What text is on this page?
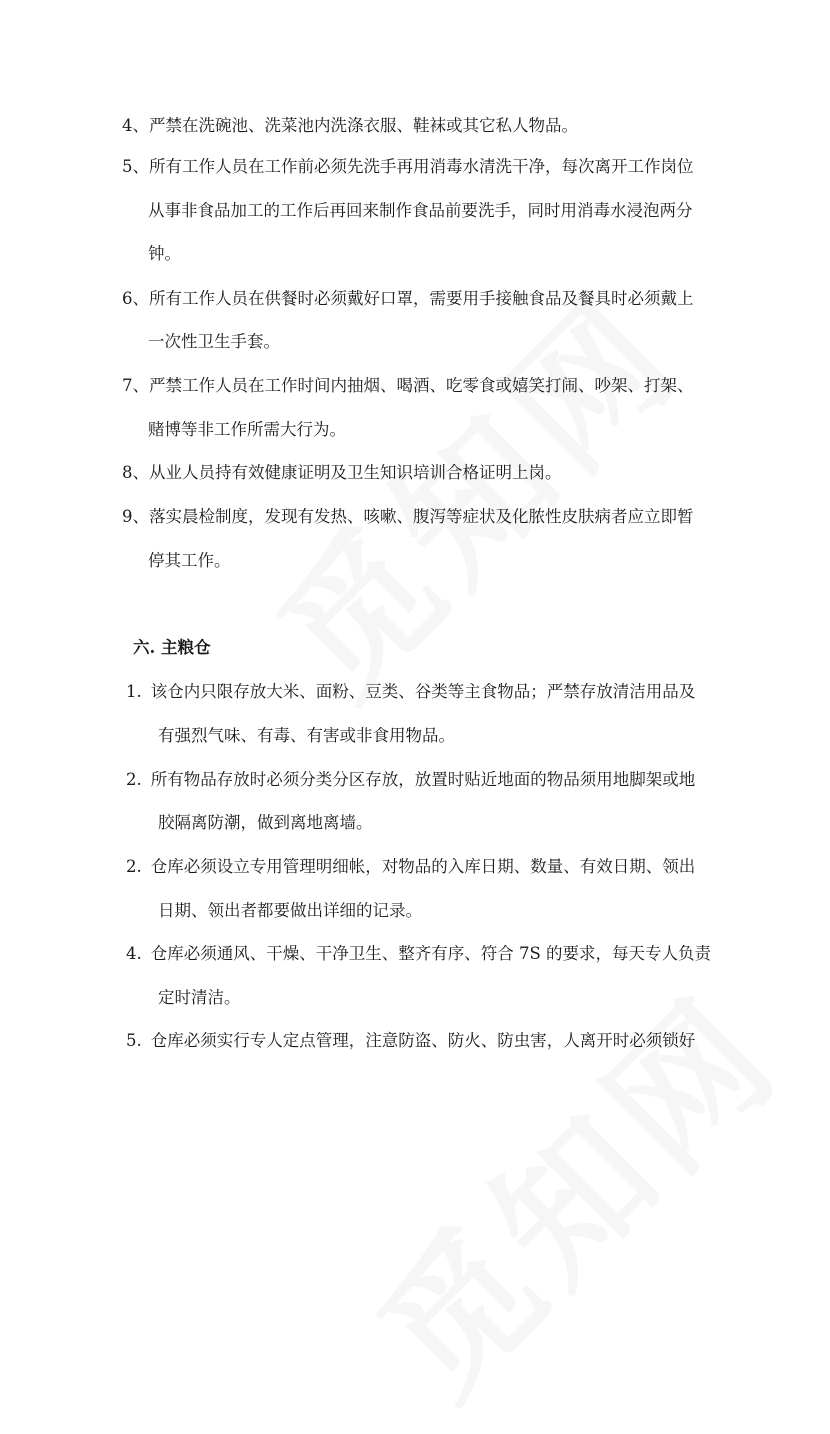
4、严禁在洗碗池、洗菜池内洗涤衣服、鞋袜或其它私人物品。
5、所有工作人员在工作前必须先洗手再用消毒水清洗干净，每次离开工作岗位
从事非食品加工的工作后再回来制作食品前要洗手，同时用消毒水浸泡两分
钟。
6、所有工作人员在供餐时必须戴好口罩，需要用手接触食品及餐具时必须戴上
一次性卫生手套。
7、严禁工作人员在工作时间内抽烟、喝酒、吃零食或嬉笑打闹、吵架、打架、
赌博等非工作所需大行为。
8、从业人员持有效健康证明及卫生知识培训合格证明上岗。
9、落实晨检制度，发现有发热、咳嗽、腹泻等症状及化脓性皮肤病者应立即暂
停其工作。
六. 主粮仓
1. 该仓内只限存放大米、面粉、豆类、谷类等主食物品；严禁存放清洁用品及
有强烈气味、有毒、有害或非食用物品。
2. 所有物品存放时必须分类分区存放，放置时贴近地面的物品须用地脚架或地
胶隔离防潮，做到离地离墙。
2. 仓库必须设立专用管理明细帐，对物品的入库日期、数量、有效日期、领出
日期、领出者都要做出详细的记录。
4. 仓库必须通风、干燥、干净卫生、整齐有序、符合 7S 的要求，每天专人负责
定时清洁。
5. 仓库必须实行专人定点管理，注意防盗、防火、防虫害，人离开时必须锁好
